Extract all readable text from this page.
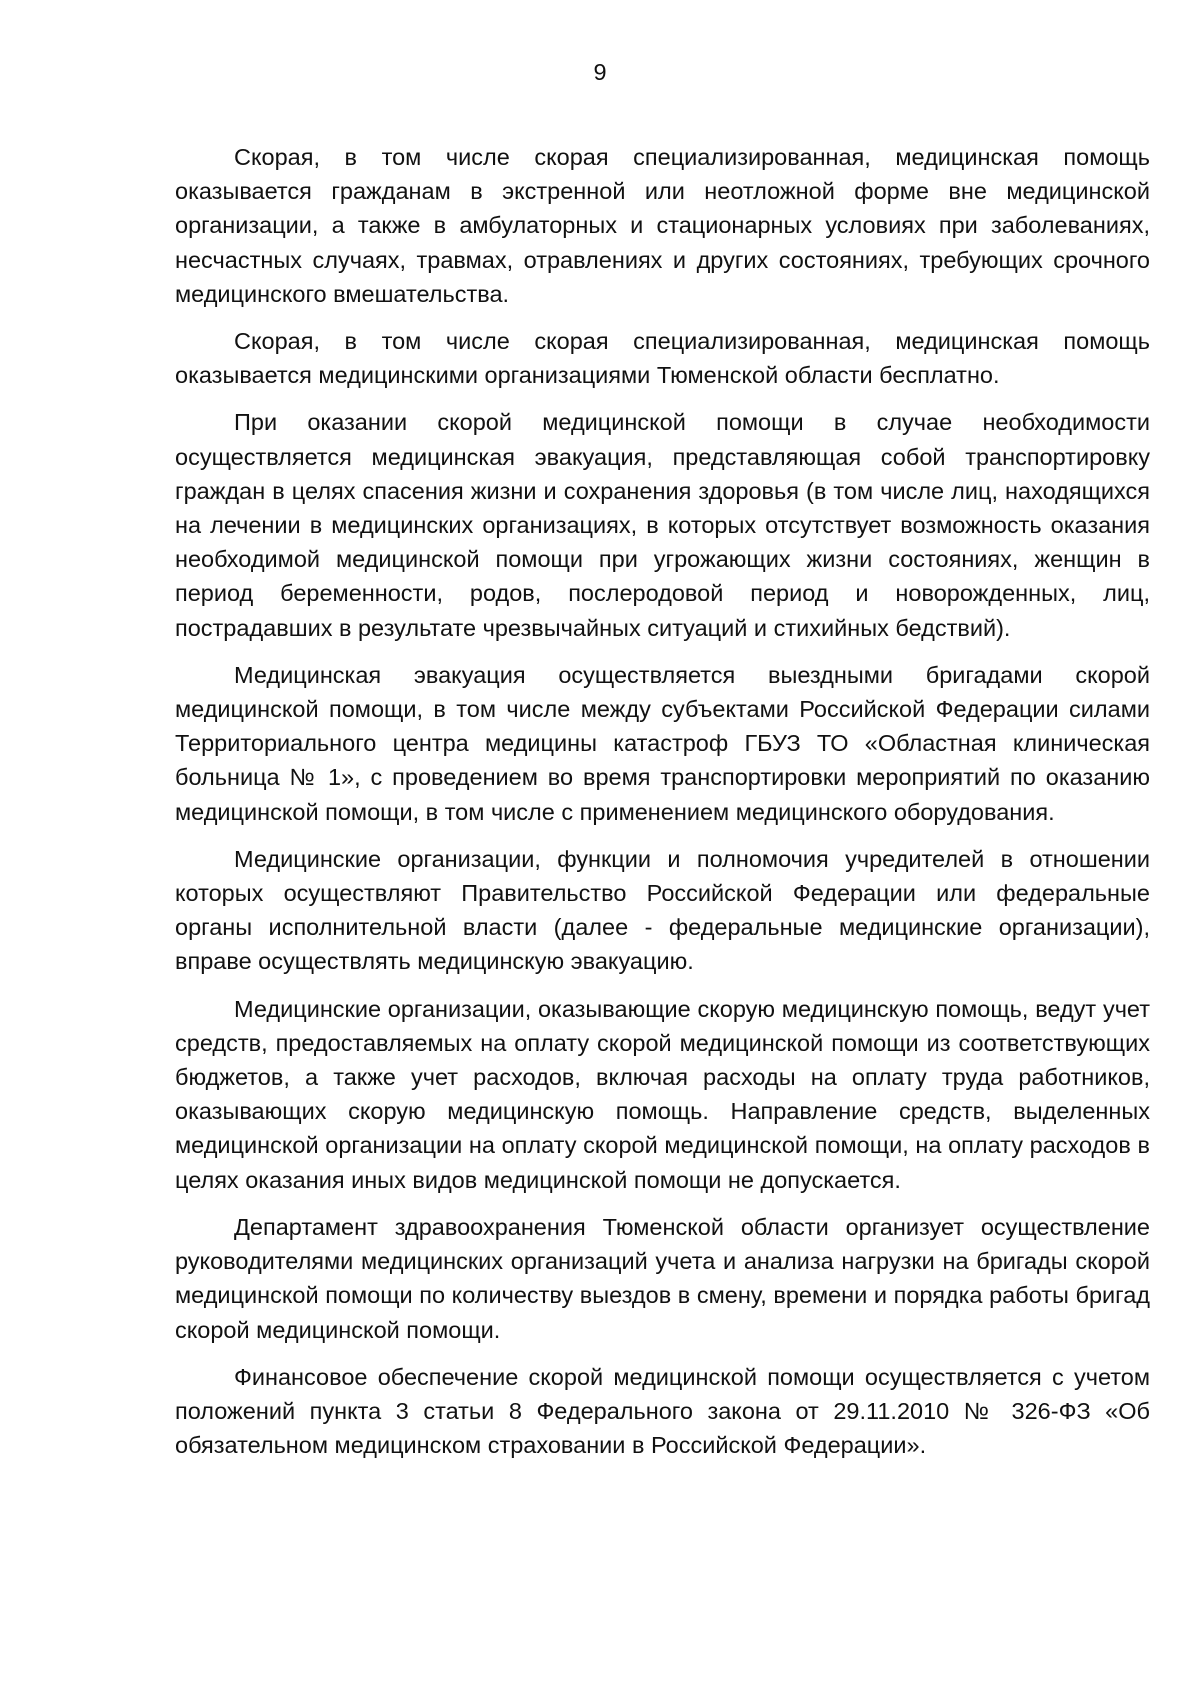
9

Скорая, в том числе скорая специализированная, медицинская помощь оказывается гражданам в экстренной или неотложной форме вне медицинской организации, а также в амбулаторных и стационарных условиях при заболеваниях, несчастных случаях, травмах, отравлениях и других состояниях, требующих срочного медицинского вмешательства.

Скорая, в том числе скорая специализированная, медицинская помощь оказывается медицинскими организациями Тюменской области бесплатно.

При оказании скорой медицинской помощи в случае необходимости осуществляется медицинская эвакуация, представляющая собой транспортировку граждан в целях спасения жизни и сохранения здоровья (в том числе лиц, находящихся на лечении в медицинских организациях, в которых отсутствует возможность оказания необходимой медицинской помощи при угрожающих жизни состояниях, женщин в период беременности, родов, послеродовой период и новорожденных, лиц, пострадавших в результате чрезвычайных ситуаций и стихийных бедствий).

Медицинская эвакуация осуществляется выездными бригадами скорой медицинской помощи, в том числе между субъектами Российской Федерации силами Территориального центра медицины катастроф ГБУЗ ТО «Областная клиническая больница № 1», с проведением во время транспортировки мероприятий по оказанию медицинской помощи, в том числе с применением медицинского оборудования.

Медицинские организации, функции и полномочия учредителей в отношении которых осуществляют Правительство Российской Федерации или федеральные органы исполнительной власти (далее - федеральные медицинские организации), вправе осуществлять медицинскую эвакуацию.

Медицинские организации, оказывающие скорую медицинскую помощь, ведут учет средств, предоставляемых на оплату скорой медицинской помощи из соответствующих бюджетов, а также учет расходов, включая расходы на оплату труда работников, оказывающих скорую медицинскую помощь. Направление средств, выделенных медицинской организации на оплату скорой медицинской помощи, на оплату расходов в целях оказания иных видов медицинской помощи не допускается.

Департамент здравоохранения Тюменской области организует осуществление руководителями медицинских организаций учета и анализа нагрузки на бригады скорой медицинской помощи по количеству выездов в смену, времени и порядка работы бригад скорой медицинской помощи.

Финансовое обеспечение скорой медицинской помощи осуществляется с учетом положений пункта 3 статьи 8 Федерального закона от 29.11.2010 № 326-ФЗ «Об обязательном медицинском страховании в Российской Федерации».
